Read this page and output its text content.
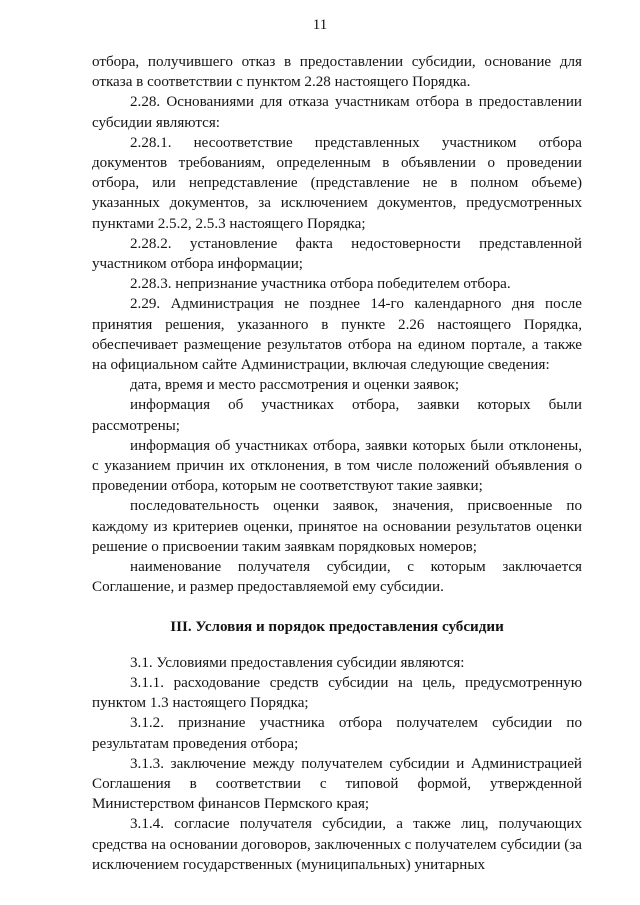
11

отбора, получившего отказ в предоставлении субсидии, основание для отказа в соответствии с пунктом 2.28 настоящего Порядка.

2.28. Основаниями для отказа участникам отбора в предоставлении субсидии являются:

2.28.1. несоответствие представленных участником отбора документов требованиям, определенным в объявлении о проведении отбора, или непредставление (представление не в полном объеме) указанных документов, за исключением документов, предусмотренных пунктами 2.5.2, 2.5.3 настоящего Порядка;

2.28.2. установление факта недостоверности представленной участником отбора информации;

2.28.3. непризнание участника отбора победителем отбора.

2.29. Администрация не позднее 14-го календарного дня после принятия решения, указанного в пункте 2.26 настоящего Порядка, обеспечивает размещение результатов отбора на едином портале, а также на официальном сайте Администрации, включая следующие сведения:

дата, время и место рассмотрения и оценки заявок;

информация об участниках отбора, заявки которых были рассмотрены;

информация об участниках отбора, заявки которых были отклонены, с указанием причин их отклонения, в том числе положений объявления о проведении отбора, которым не соответствуют такие заявки;

последовательность оценки заявок, значения, присвоенные по каждому из критериев оценки, принятое на основании результатов оценки решение о присвоении таким заявкам порядковых номеров;

наименование получателя субсидии, с которым заключается Соглашение, и размер предоставляемой ему субсидии.

III. Условия и порядок предоставления субсидии

3.1. Условиями предоставления субсидии являются:

3.1.1. расходование средств субсидии на цель, предусмотренную пунктом 1.3 настоящего Порядка;

3.1.2. признание участника отбора получателем субсидии по результатам проведения отбора;

3.1.3. заключение между получателем субсидии и Администрацией Соглашения в соответствии с типовой формой, утвержденной Министерством финансов Пермского края;

3.1.4. согласие получателя субсидии, а также лиц, получающих средства на основании договоров, заключенных с получателем субсидии (за исключением государственных (муниципальных) унитарных
